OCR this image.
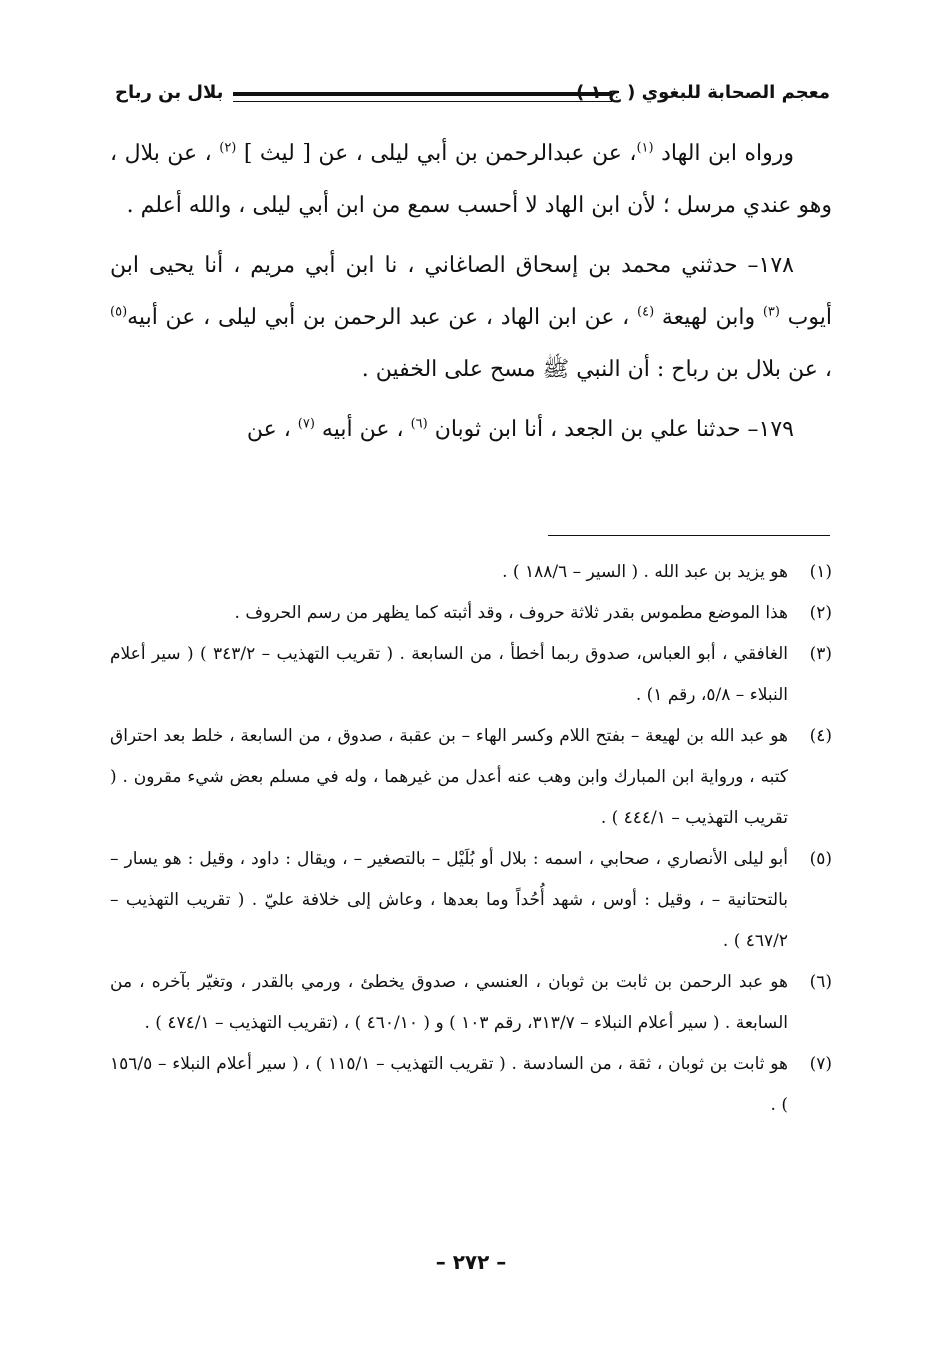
معجم الصحابة للبغوي ( ج ١ )
بلال بن رباح

ورواه ابن الهاد $^{(١)}$، عن عبدالرحمن بن أبي ليلى ، عن [ ليث ] $^{(٢)}$ ، عن بلال ، وهو عندي مرسل ؛ لأن ابن الهاد لا أحسب سمع من ابن أبي ليلى ، والله أعلم .

١٧٨– حدثني محمد بن إسحاق الصاغاني ، نا ابن أبي مريم ، أنا يحيى ابن أيوب $^{(٣)}$ وابن لهيعة $^{(٤)}$ ، عن ابن الهاد ، عن عبد الرحمن بن أبي ليلى ، عن أبيه$^{(٥)}$ ، عن بلال بن رباح : أن النبي ﷺ مسح على الخفين .

١٧٩– حدثنا علي بن الجعد ، أنا ابن ثوبان $^{(٦)}$ ، عن أبيه $^{(٧)}$ ، عن

(١)
هو يزيد بن عبد الله . ( السير – ١٨٨/٦ ) .
(٢)
هذا الموضع مطموس بقدر ثلاثة حروف ، وقد أثبته كما يظهر من رسم الحروف .
(٣)
الغافقي ، أبو العباس، صدوق ربما أخطأ ، من السابعة . ( تقريب التهذيب – ٣٤٣/٢ ) ( سير أعلام النبلاء – ٥/٨، رقم ١) .
(٤)
هو عبد الله بن لهيعة – بفتح اللام وكسر الهاء – بن عقبة ، صدوق ، من السابعة ، خلط بعد احتراق كتبه ، ورواية ابن المبارك وابن وهب عنه أعدل من غيرهما ، وله في مسلم بعض شيء مقرون . ( تقريب التهذيب – ٤٤٤/١ ) .
(٥)
أبو ليلى الأنصاري ، صحابي ، اسمه : بلال أو بُلَيْل – بالتصغير – ، ويقال : داود ، وقيل : هو يسار – بالتحتانية – ، وقيل : أوس ، شهد أُحُداً وما بعدها ، وعاش إلى خلافة عليّ . ( تقريب التهذيب – ٤٦٧/٢ ) .
(٦)
هو عبد الرحمن بن ثابت بن ثوبان ، العنسي ، صدوق يخطئ ، ورمي بالقدر ، وتغيّر بآخره ، من السابعة . ( سير أعلام النبلاء – ٣١٣/٧، رقم ١٠٣ ) و ( ٤٦٠/١٠ ) ، (تقريب التهذيب – ٤٧٤/١ ) .
(٧)
هو ثابت بن ثوبان ، ثقة ، من السادسة . ( تقريب التهذيب – ١١٥/١ ) ، ( سير أعلام النبلاء – ١٥٦/٥ ) .
– ٢٧٢ –
